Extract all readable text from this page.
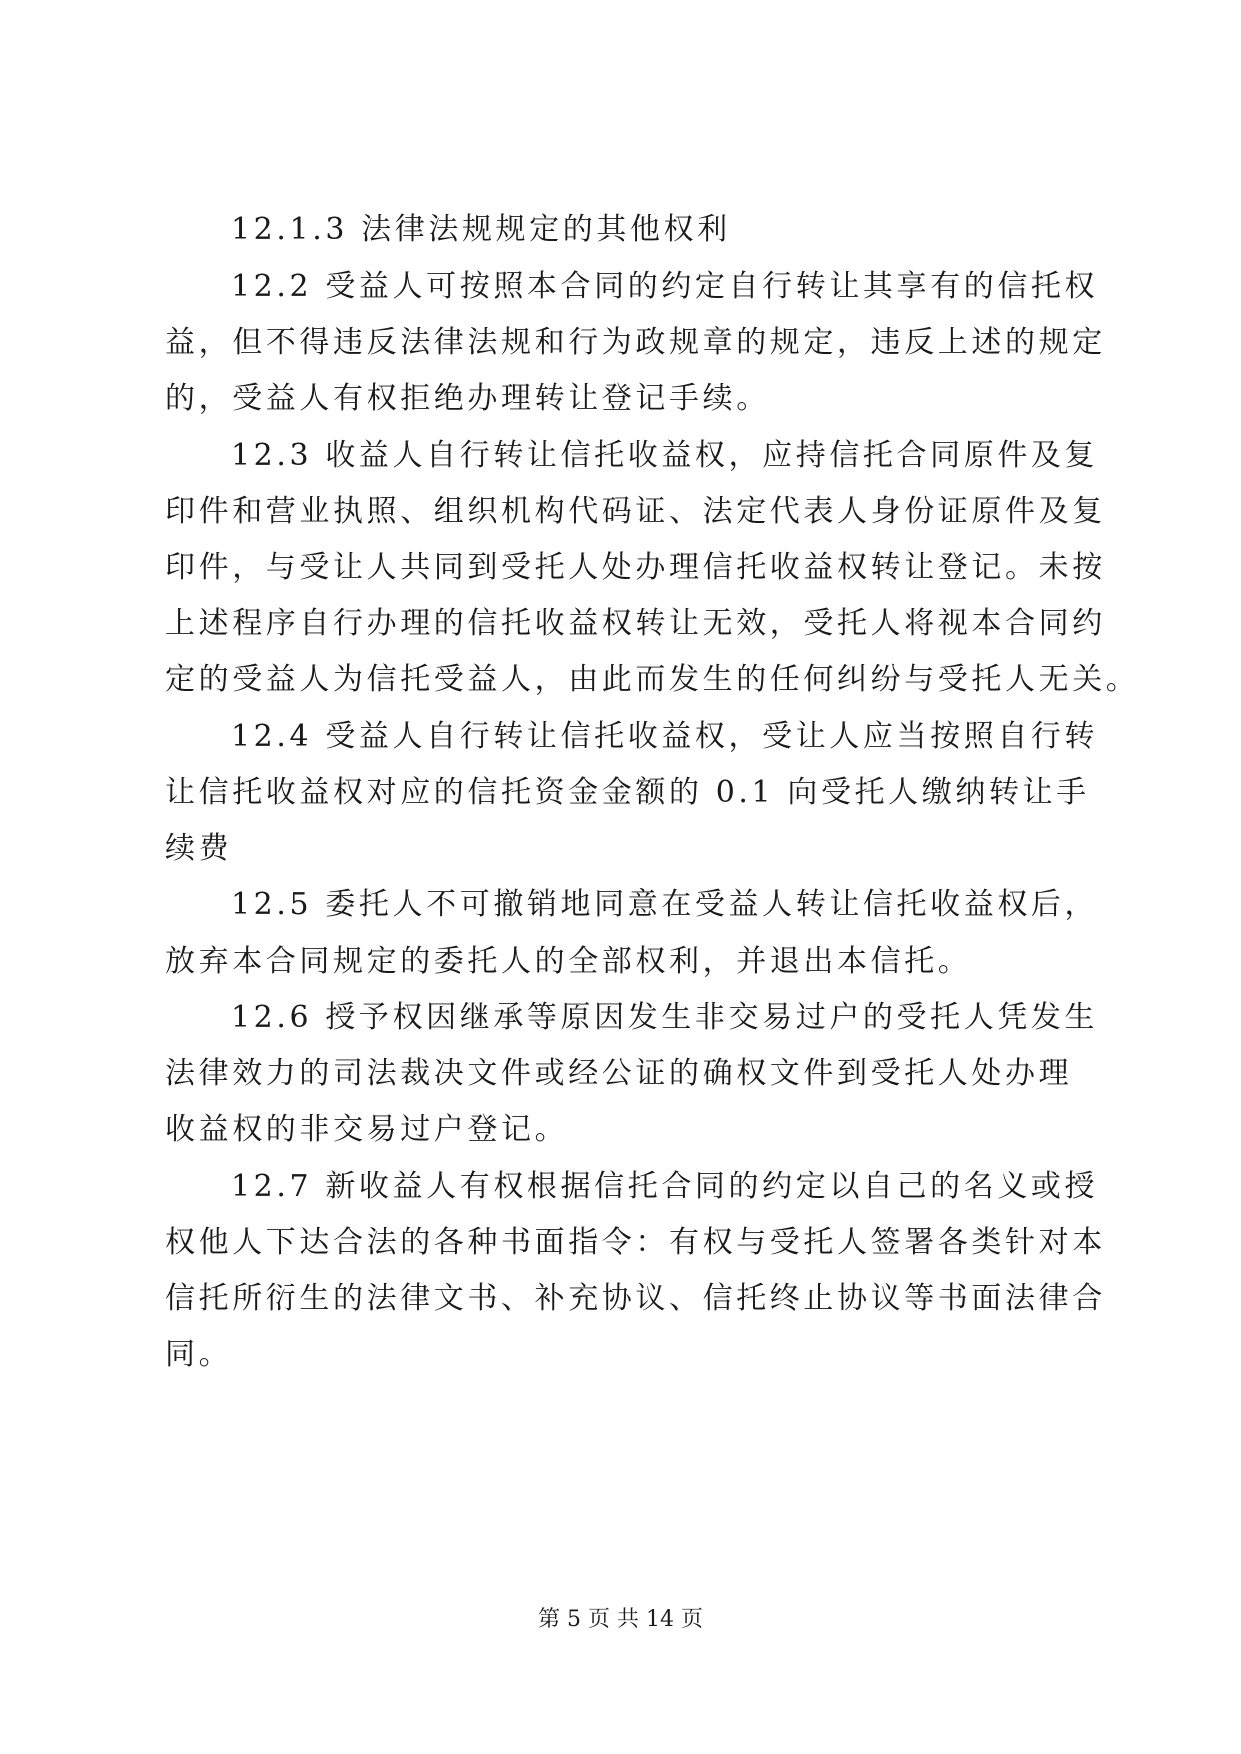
12.1.3 法律法规规定的其他权利
12.2 受益人可按照本合同的约定自行转让其享有的信托权
益，但不得违反法律法规和行为政规章的规定，违反上述的规定
的，受益人有权拒绝办理转让登记手续。
12.3 收益人自行转让信托收益权，应持信托合同原件及复
印件和营业执照、组织机构代码证、法定代表人身份证原件及复
印件，与受让人共同到受托人处办理信托收益权转让登记。未按
上述程序自行办理的信托收益权转让无效，受托人将视本合同约
定的受益人为信托受益人，由此而发生的任何纠纷与受托人无关。
12.4 受益人自行转让信托收益权，受让人应当按照自行转
让信托收益权对应的信托资金金额的 0.1 向受托人缴纳转让手
续费
12.5 委托人不可撤销地同意在受益人转让信托收益权后，
放弃本合同规定的委托人的全部权利，并退出本信托。
12.6 授予权因继承等原因发生非交易过户的受托人凭发生
法律效力的司法裁决文件或经公证的确权文件到受托人处办理
收益权的非交易过户登记。
12.7 新收益人有权根据信托合同的约定以自己的名义或授
权他人下达合法的各种书面指令：有权与受托人签署各类针对本
信托所衍生的法律文书、补充协议、信托终止协议等书面法律合
同。
第 5 页 共 14 页
